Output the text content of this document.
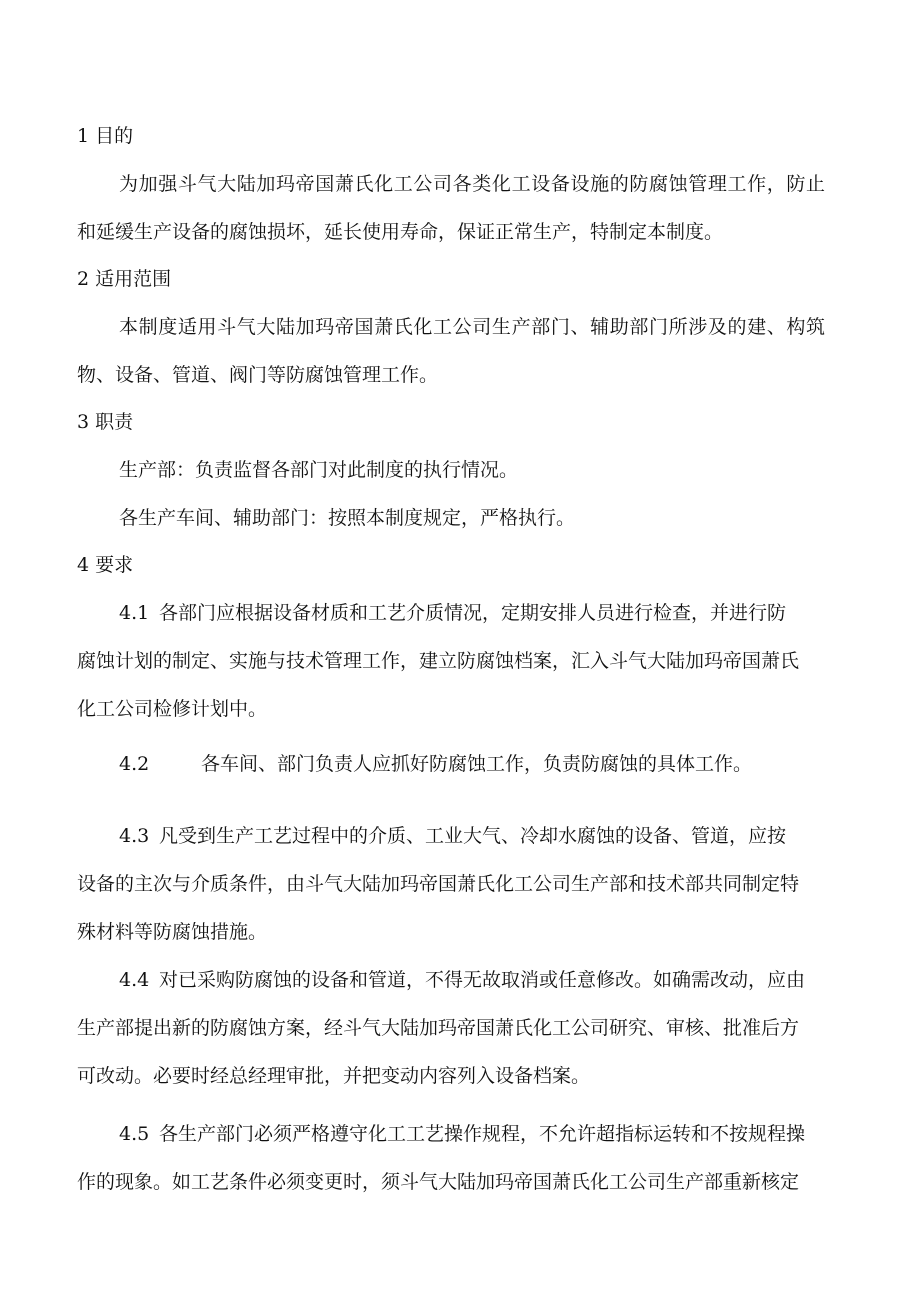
1 目的
为加强斗气大陆加玛帝国萧氏化工公司各类化工设备设施的防腐蚀管理工作，防止
和延缓生产设备的腐蚀损坏，延长使用寿命，保证正常生产，特制定本制度。
2 适用范围
本制度适用斗气大陆加玛帝国萧氏化工公司生产部门、辅助部门所涉及的建、构筑
物、设备、管道、阀门等防腐蚀管理工作。
3 职责
生产部：负责监督各部门对此制度的执行情况。
各生产车间、辅助部门：按照本制度规定，严格执行。
4 要求
4.1 各部门应根据设备材质和工艺介质情况，定期安排人员进行检查，并进行防
腐蚀计划的制定、实施与技术管理工作，建立防腐蚀档案，汇入斗气大陆加玛帝国萧氏
化工公司检修计划中。
4.2	各车间、部门负责人应抓好防腐蚀工作，负责防腐蚀的具体工作。
4.3 凡受到生产工艺过程中的介质、工业大气、冷却水腐蚀的设备、管道，应按
设备的主次与介质条件，由斗气大陆加玛帝国萧氏化工公司生产部和技术部共同制定特
殊材料等防腐蚀措施。
4.4 对已采购防腐蚀的设备和管道，不得无故取消或任意修改。如确需改动，应由
生产部提出新的防腐蚀方案，经斗气大陆加玛帝国萧氏化工公司研究、审核、批准后方
可改动。必要时经总经理审批，并把变动内容列入设备档案。
4.5 各生产部门必须严格遵守化工工艺操作规程，不允许超指标运转和不按规程操
作的现象。如工艺条件必须变更时，须斗气大陆加玛帝国萧氏化工公司生产部重新核定
